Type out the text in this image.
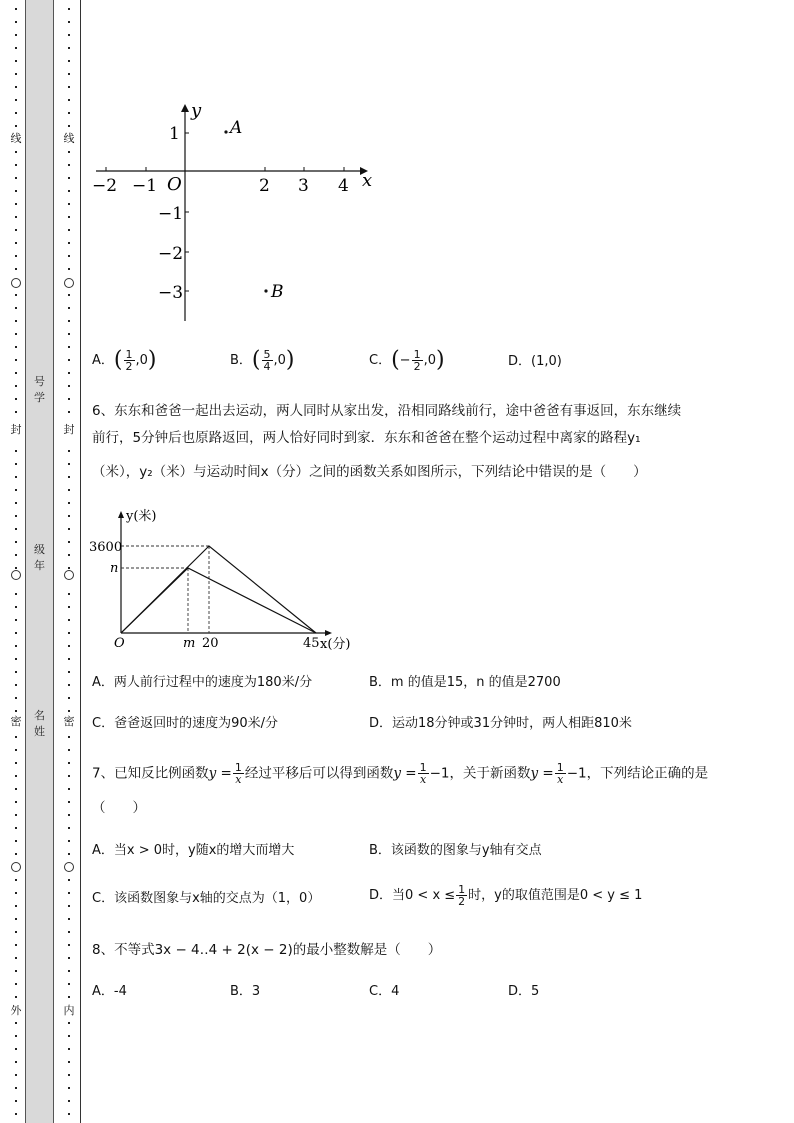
线
封
密
外
号
学
级
年
名
姓
线
封
密
内
x
y
O
−2 −1	2 3 4
1
−1
−2
−3
A
B
A．( $\frac{1}{2} ,0$)	B．( $\frac{5}{4} ,0$)	C．(− $\frac{1}{2} ,0$)	D．(1,0)
6、东东和爸爸一起出去运动，两人同时从家出发，沿相同路线前行，途中爸爸有事返回，东东继续
前行，5分钟后也原路返回，两人恰好同时到家．东东和爸爸在整个运动过程中离家的路程y₁
（米），y₂（米）与运动时间x（分）之间的函数关系如图所示，下列结论中错误的是（　　）
y(米)
x(分)
O
3600
n
m 20	45
A．两人前行过程中的速度为180米/分	B．m 的值是15，n 的值是2700
C．爸爸返回时的速度为90米/分	D．运动18分钟或31分钟时，两人相距810米
7、已知反比例函数$y = \frac{1}{x}$ 经过平移后可以得到函数$y = \frac{1}{x} -1$，关于新函数$y = \frac{1}{x} -1$，下列结论正确的是
（　　）
A．当x > 0时，y随x的增大而增大	B．该函数的图象与y轴有交点
C．该函数图象与x轴的交点为（1，0）	D．当$0 < x \le \frac{1}{2}$ 时，y的取值范围是0 < y ≤ 1
8、不等式3x − 4‥4 + 2(x − 2)的最小整数解是（　　）
A．-4	B．3	C．4	D．5
